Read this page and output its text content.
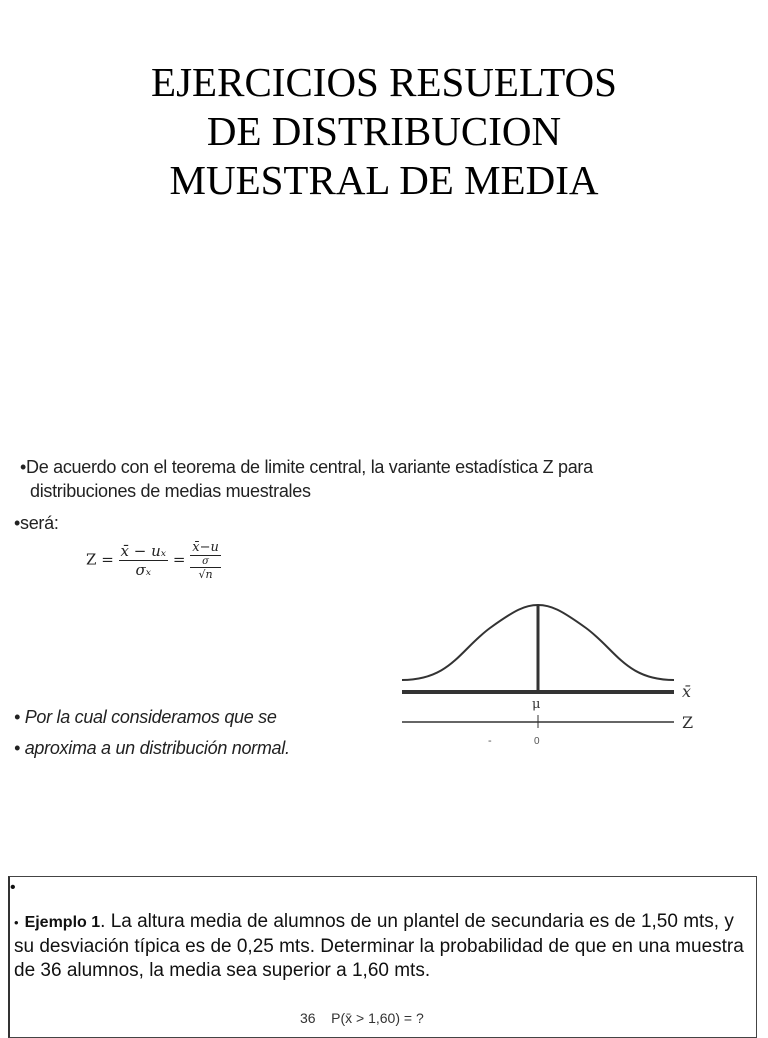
EJERCICIOS RESUELTOS
DE DISTRIBUCION
MUESTRAL DE MEDIA
•De acuerdo con el teorema de limite central, la variante estadística Z para
distribuciones de medias muestrales
•será:
$Z = \frac{\text{x̄ − uₓ}}{\text{σₓ}}$ =
x̄−u
σ
√n
x̄
μ
Z
0
-
• Por la cual consideramos que se
• aproxima a un distribución normal.
•
• Ejemplo 1. La altura media de alumnos de un plantel de secundaria es de 1,50 mts, y su desviación típica es de 0,25 mts. Determinar la probabilidad de que en una muestra de 36 alumnos, la media sea superior a 1,60 mts.
36    P(x̄ > 1,60) = ?
